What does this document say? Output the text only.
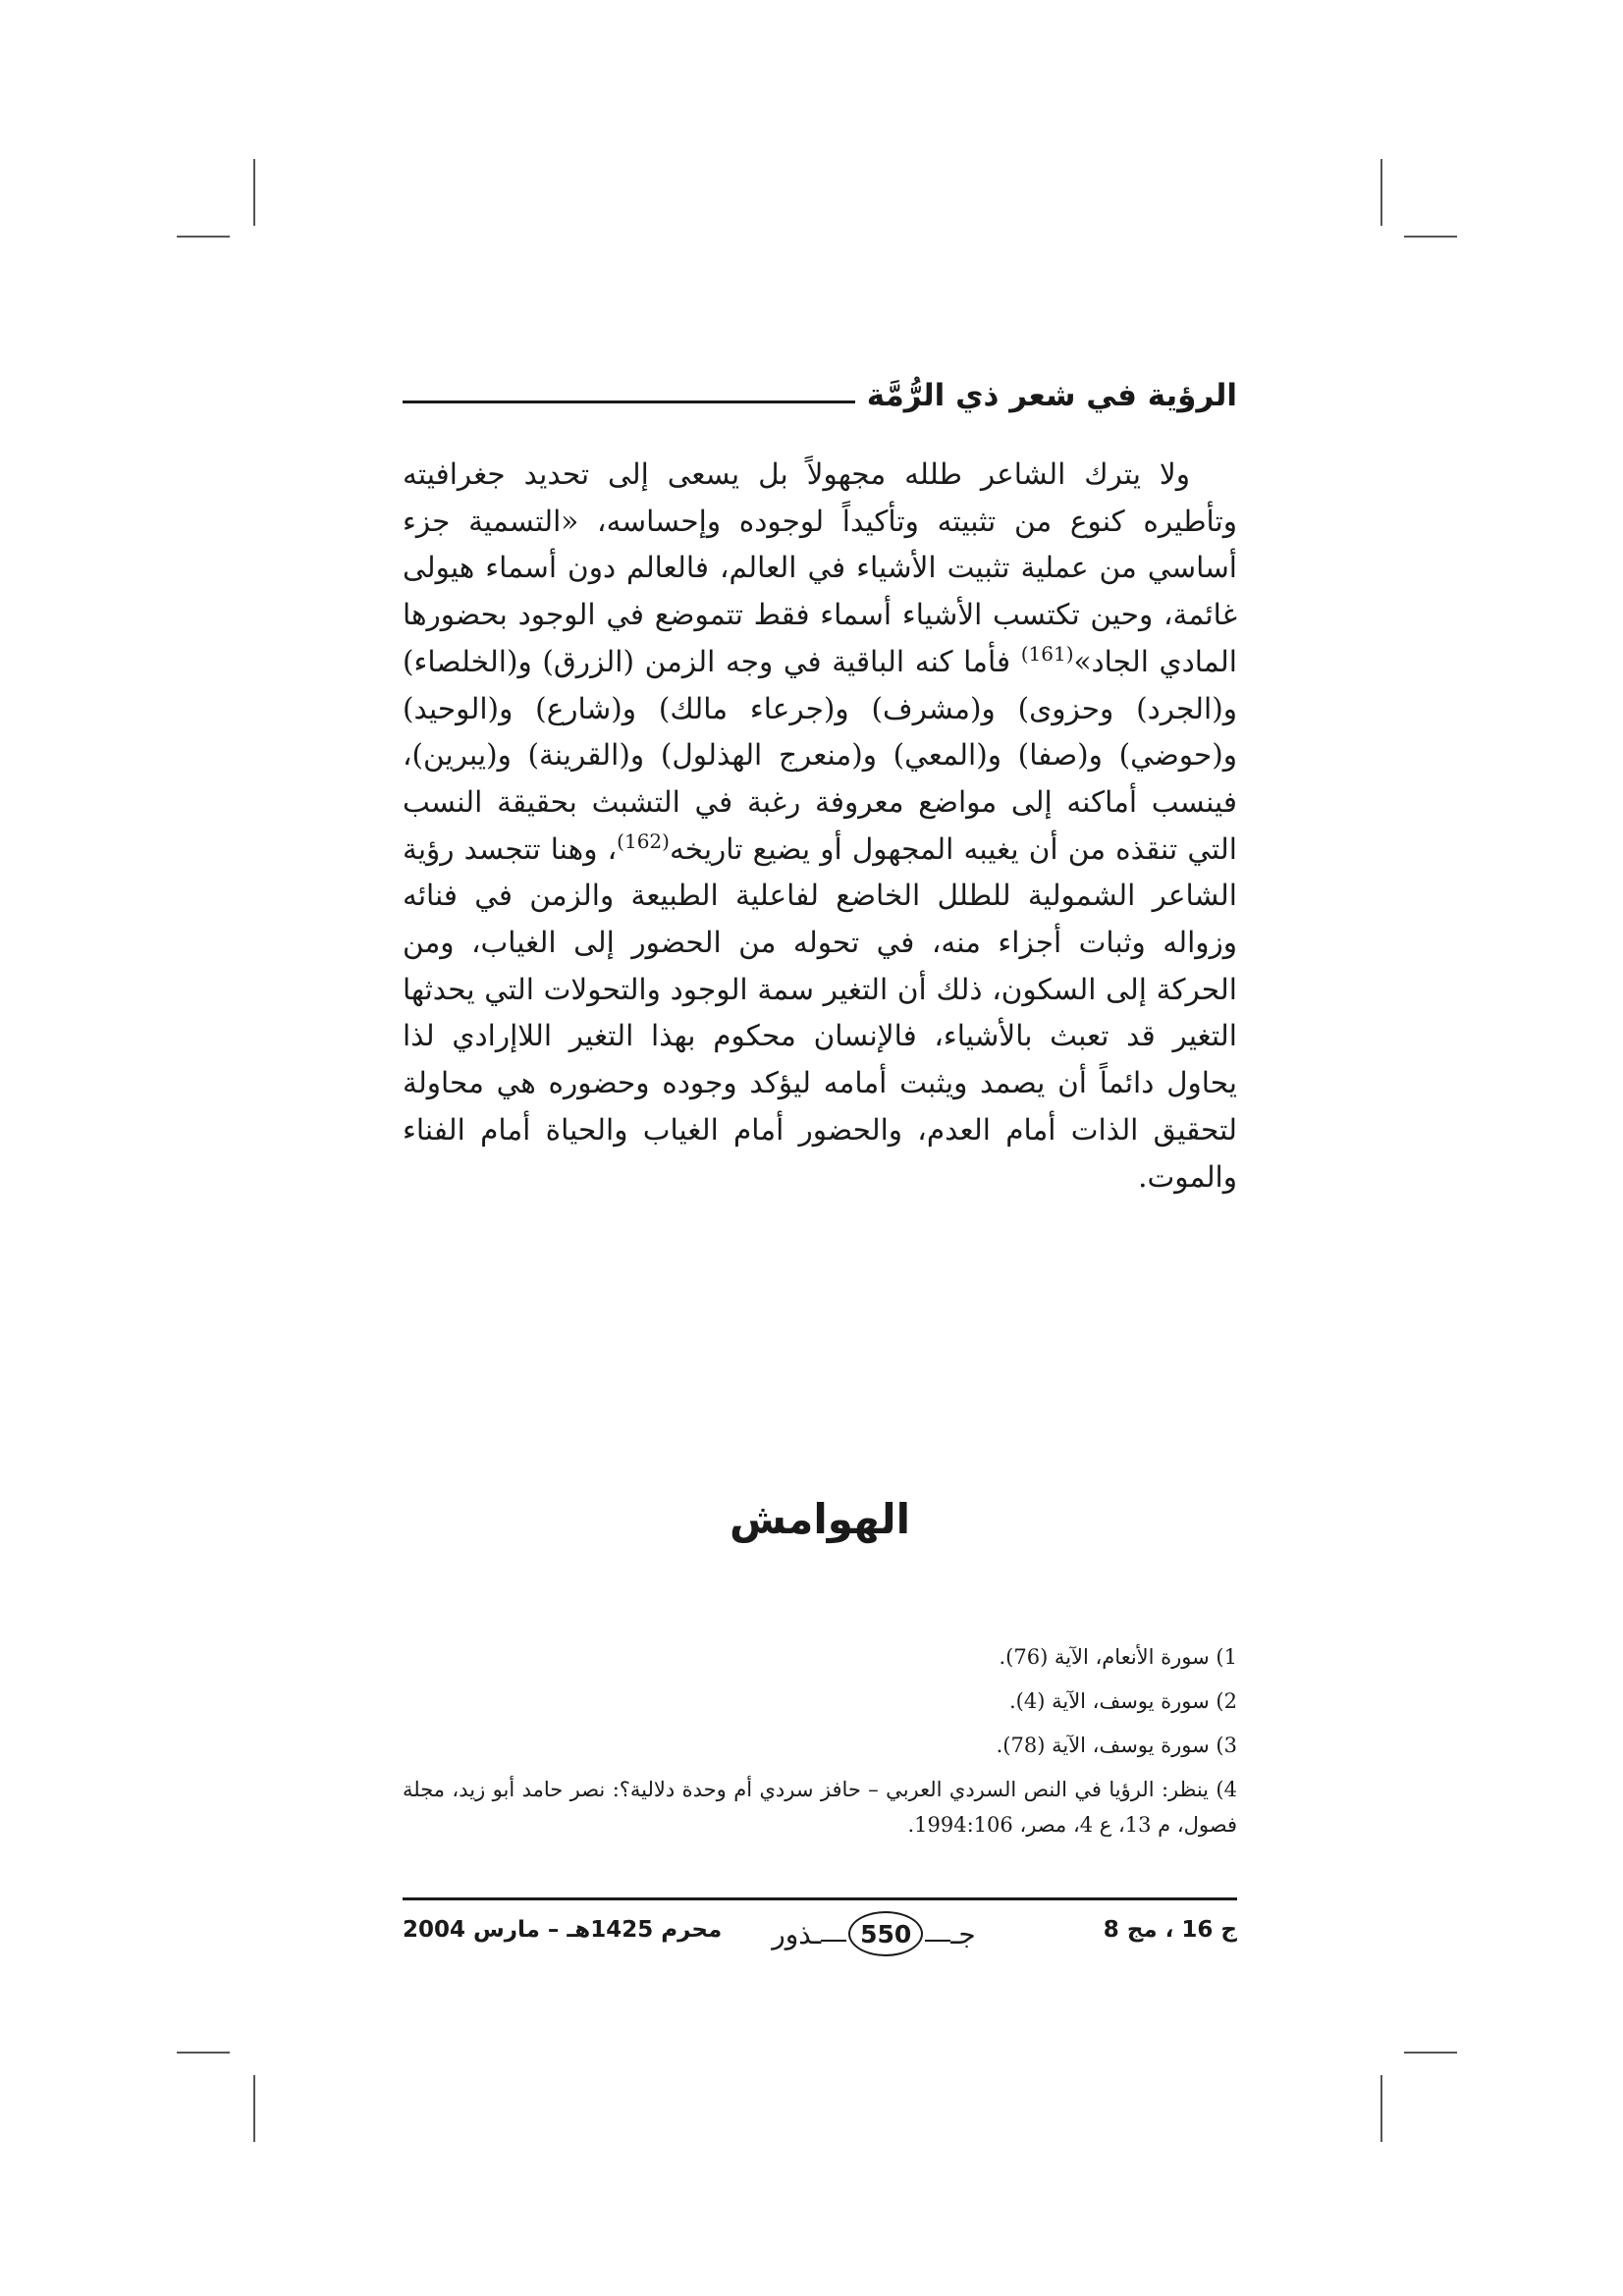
الرؤية في شعر ذي الرُّمَّة

ولا يترك الشاعر طلله مجهولاً بل يسعى إلى تحديد جغرافيته وتأطيره كنوع من تثبيته وتأكيداً لوجوده وإحساسه، «التسمية جزء أساسي من عملية تثبيت الأشياء في العالم، فالعالم دون أسماء هيولى غائمة، وحين تكتسب الأشياء أسماء فقط تتموضع في الوجود بحضورها المادي الجاد»$^{(161)}$ فأما كنه الباقية في وجه الزمن (الزرق) و(الخلصاء) و(الجرد) وحزوى) و(مشرف) و(جرعاء مالك) و(شارع) و(الوحيد) و(حوضي) و(صفا) و(المعي) و(منعرج الهذلول) و(القرينة) و(يبرين)، فينسب أماكنه إلى مواضع معروفة رغبة في التشبث بحقيقة النسب التي تنقذه من أن يغيبه المجهول أو يضيع تاريخه$^{(162)}$، وهنا تتجسد رؤية الشاعر الشمولية للطلل الخاضع لفاعلية الطبيعة والزمن في فنائه وزواله وثبات أجزاء منه، في تحوله من الحضور إلى الغياب، ومن الحركة إلى السكون، ذلك أن التغير سمة الوجود والتحولات التي يحدثها التغير قد تعبث بالأشياء، فالإنسان محكوم بهذا التغير اللاإرادي لذا يحاول دائماً أن يصمد ويثبت أمامه ليؤكد وجوده وحضوره هي محاولة لتحقيق الذات أمام العدم، والحضور أمام الغياب والحياة أمام الفناء والموت.

الهوامش
1) سورة الأنعام، الآية (76).
2) سورة يوسف، الآية (4).
3) سورة يوسف، الآية (78).
4) ينظر: الرؤيا في النص السردي العربي – حافز سردي أم وحدة دلالية؟: نصر حامد أبو زيد، مجلة فصول، م 13، ع 4، مصر، 1994:106.
ج 16 ، مج 8
ـذور	550	جـ
محرم 1425هـ – مارس 2004
